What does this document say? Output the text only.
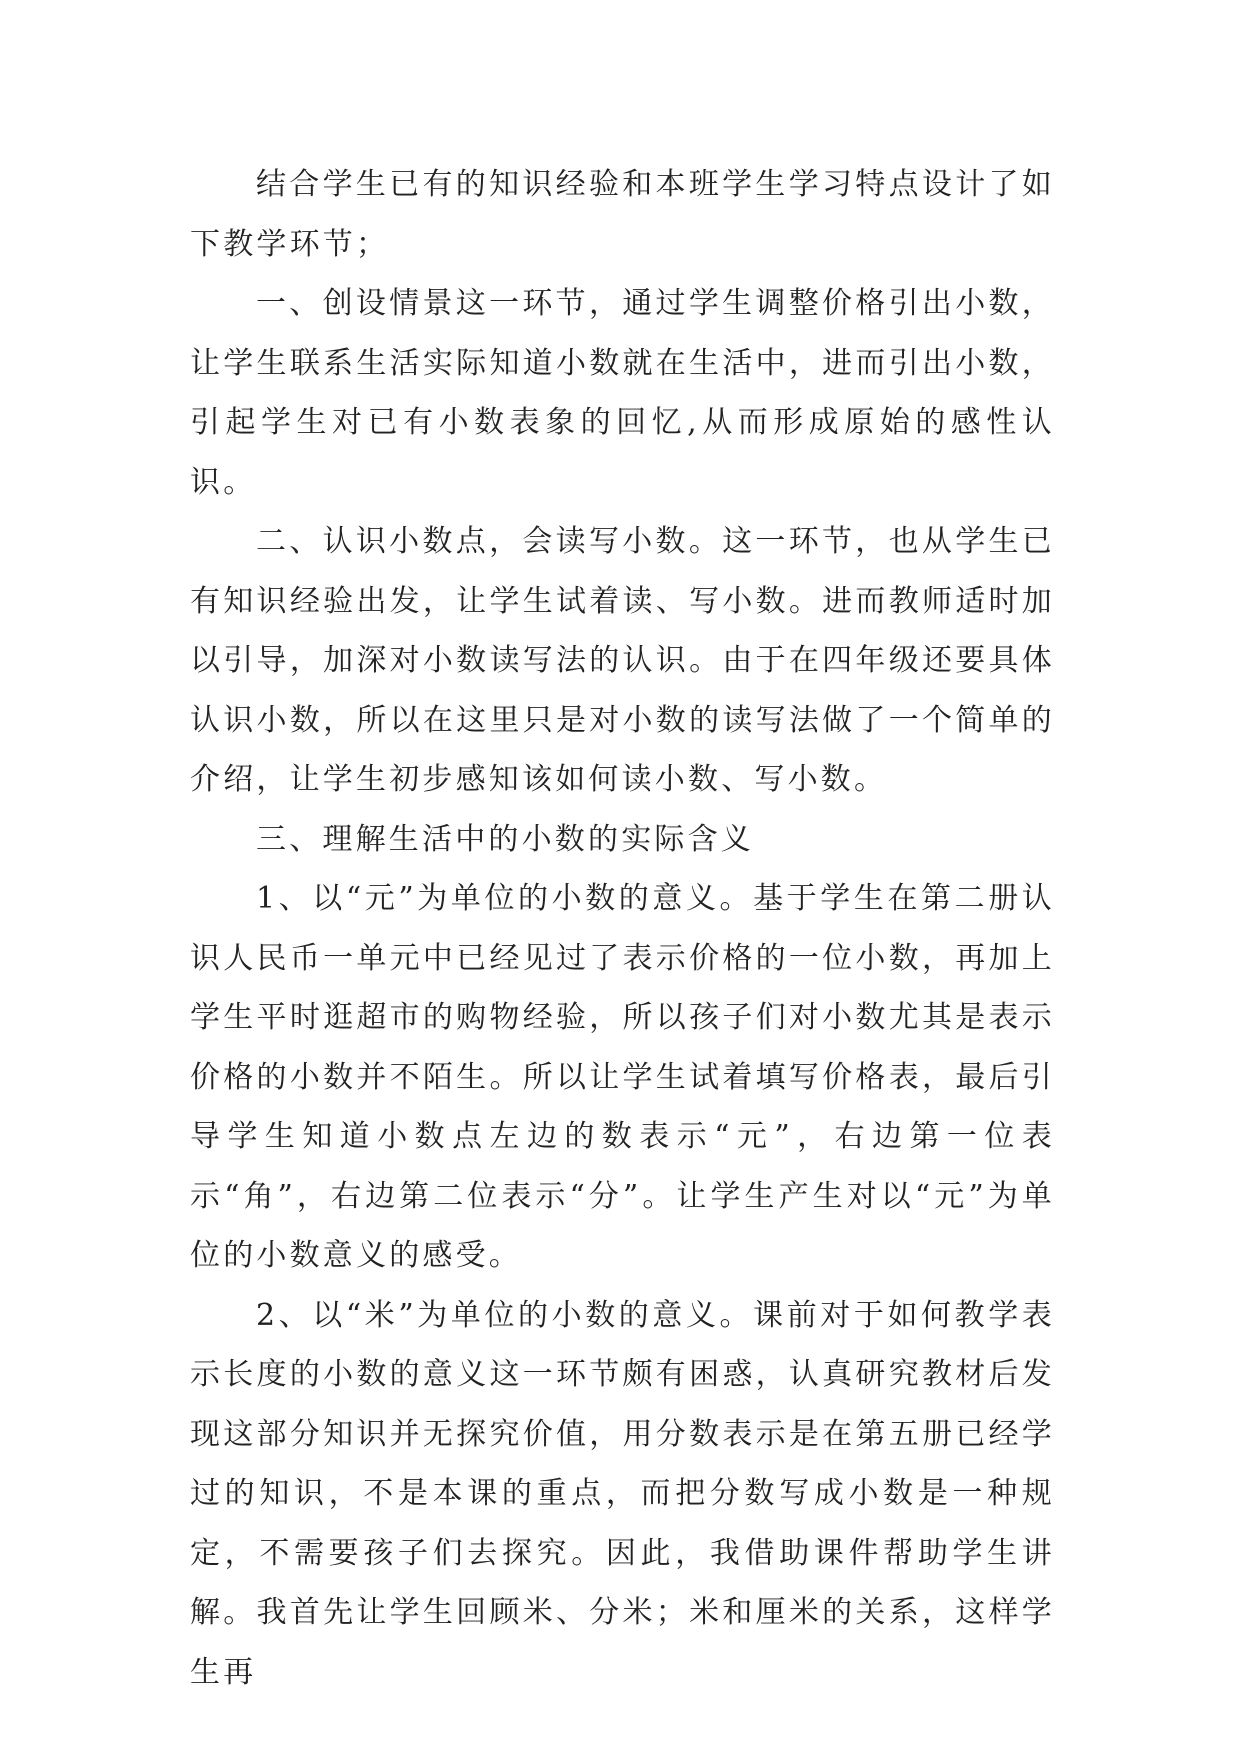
结合学生已有的知识经验和本班学生学习特点设计了如下教学环节；

一、创设情景这一环节，通过学生调整价格引出小数，让学生联系生活实际知道小数就在生活中，进而引出小数，引起学生对已有小数表象的回忆,从而形成原始的感性认识。

二、认识小数点，会读写小数。这一环节，也从学生已有知识经验出发，让学生试着读、写小数。进而教师适时加以引导，加深对小数读写法的认识。由于在四年级还要具体认识小数，所以在这里只是对小数的读写法做了一个简单的介绍，让学生初步感知该如何读小数、写小数。

三、理解生活中的小数的实际含义

1、以“元”为单位的小数的意义。基于学生在第二册认识人民币一单元中已经见过了表示价格的一位小数，再加上学生平时逛超市的购物经验，所以孩子们对小数尤其是表示价格的小数并不陌生。所以让学生试着填写价格表，最后引导学生知道小数点左边的数表示“元”，右边第一位表示“角”，右边第二位表示“分”。让学生产生对以“元”为单位的小数意义的感受。

2、以“米”为单位的小数的意义。课前对于如何教学表示长度的小数的意义这一环节颇有困惑，认真研究教材后发现这部分知识并无探究价值，用分数表示是在第五册已经学过的知识，不是本课的重点，而把分数写成小数是一种规定，不需要孩子们去探究。因此，我借助课件帮助学生讲解。我首先让学生回顾米、分米；米和厘米的关系，这样学生再
